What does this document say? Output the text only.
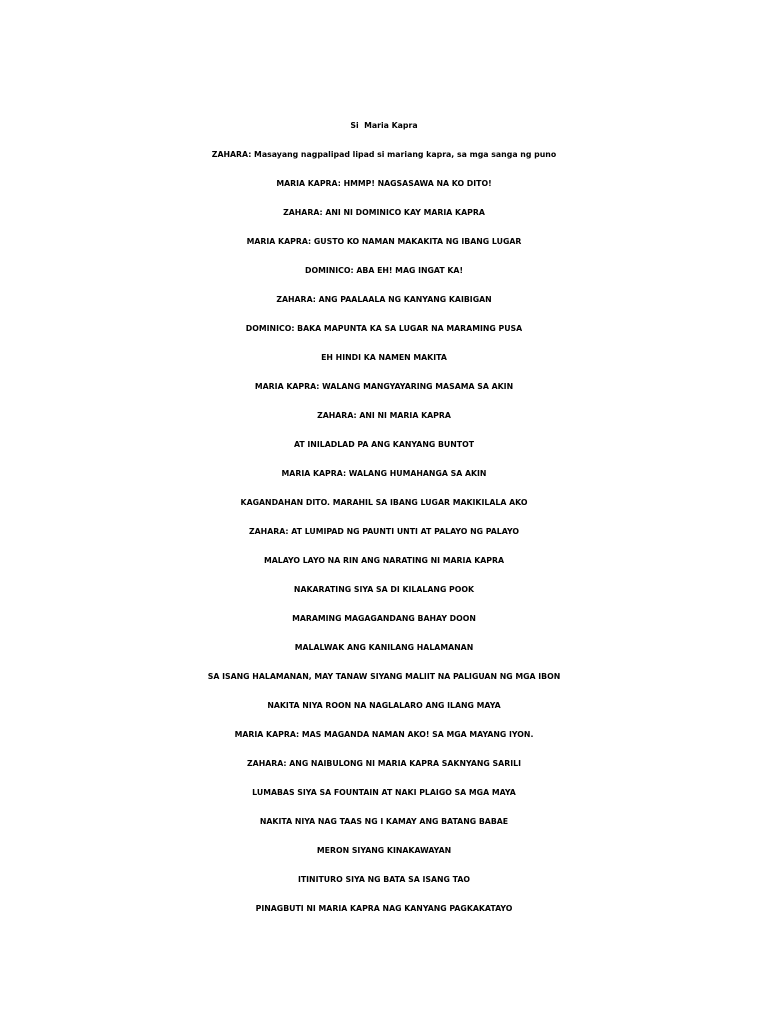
Si  Maria Kapra
ZAHARA: Masayang nagpalipad lipad si mariang kapra, sa mga sanga ng puno
MARIA KAPRA: HMMP! NAGSASAWA NA KO DITO!
ZAHARA: ANI NI DOMINICO KAY MARIA KAPRA
MARIA KAPRA: GUSTO KO NAMAN MAKAKITA NG IBANG LUGAR
DOMINICO: ABA EH! MAG INGAT KA!
ZAHARA: ANG PAALAALA NG KANYANG KAIBIGAN
DOMINICO: BAKA MAPUNTA KA SA LUGAR NA MARAMING PUSA
EH HINDI KA NAMEN MAKITA
MARIA KAPRA: WALANG MANGYAYARING MASAMA SA AKIN
ZAHARA: ANI NI MARIA KAPRA
AT INILADLAD PA ANG KANYANG BUNTOT
MARIA KAPRA: WALANG HUMAHANGA SA AKIN
KAGANDAHAN DITO. MARAHIL SA IBANG LUGAR MAKIKILALA AKO
ZAHARA: AT LUMIPAD NG PAUNTI UNTI AT PALAYO NG PALAYO
MALAYO LAYO NA RIN ANG NARATING NI MARIA KAPRA
NAKARATING SIYA SA DI KILALANG POOK
MARAMING MAGAGANDANG BAHAY DOON
MALALWAK ANG KANILANG HALAMANAN
SA ISANG HALAMANAN, MAY TANAW SIYANG MALIIT NA PALIGUAN NG MGA IBON
NAKITA NIYA ROON NA NAGLALARO ANG ILANG MAYA
MARIA KAPRA: MAS MAGANDA NAMAN AKO! SA MGA MAYANG IYON.
ZAHARA: ANG NAIBULONG NI MARIA KAPRA SAKNYANG SARILI
LUMABAS SIYA SA FOUNTAIN AT NAKI PLAIGO SA MGA MAYA
NAKITA NIYA NAG TAAS NG I KAMAY ANG BATANG BABAE
MERON SIYANG KINAKAWAYAN
ITINITURO SIYA NG BATA SA ISANG TAO
PINAGBUTI NI MARIA KAPRA NAG KANYANG PAGKAKATAYO
